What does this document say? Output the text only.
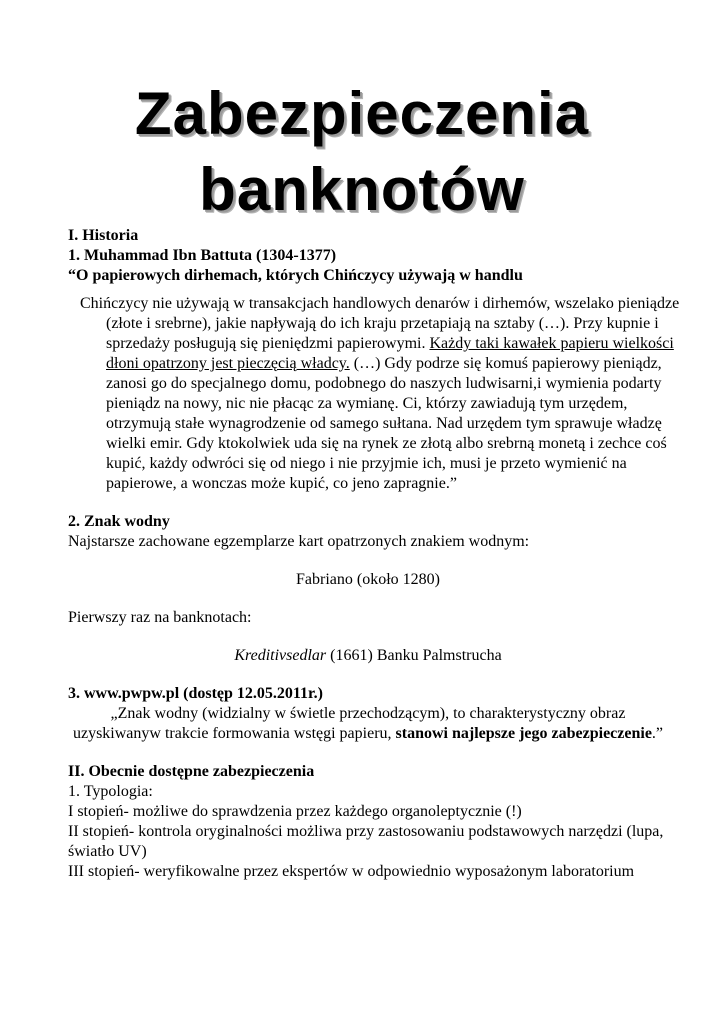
Zabezpieczenia
banknotów

I. Historia

1. Muhammad Ibn Battuta (1304-1377)

“O papierowych dirhemach, których Chińczycy używają w handlu

Chińczycy nie używają w transakcjach handlowych denarów i dirhemów, wszelako pieniądze (złote i srebrne), jakie napływają do ich kraju przetapiają na sztaby (…). Przy kupnie i sprzedaży posługują się pieniędzmi papierowymi. Każdy taki kawałek papieru wielkości dłoni opatrzony jest pieczęcią władcy. (…) Gdy podrze się komuś papierowy pieniądz, zanosi go do specjalnego domu, podobnego do naszych ludwisarni,i wymienia podarty pieniądz na nowy, nic nie płacąc za wymianę. Ci, którzy zawiadują tym urzędem, otrzymują stałe wynagrodzenie od samego sułtana. Nad urzędem tym sprawuje władzę wielki emir. Gdy ktokolwiek uda się na rynek ze złotą albo srebrną monetą i zechce coś kupić, każdy odwróci się od niego i nie przyjmie ich, musi je przeto wymienić na papierowe, a wonczas może kupić, co jeno zapragnie.”

2. Znak wodny

Najstarsze zachowane egzemplarze kart opatrzonych znakiem wodnym:

Fabriano (około 1280)

Pierwszy raz na banknotach:

Kreditivsedlar (1661) Banku Palmstrucha

3. www.pwpw.pl (dostęp 12.05.2011r.)

„Znak wodny (widzialny w świetle przechodzącym), to charakterystyczny obraz uzyskiwanyw trakcie formowania wstęgi papieru, stanowi najlepsze jego zabezpieczenie.”

II. Obecnie dostępne zabezpieczenia

1. Typologia:

I stopień- możliwe do sprawdzenia przez każdego organoleptycznie (!)

II stopień- kontrola oryginalności możliwa przy zastosowaniu podstawowych narzędzi (lupa, światło UV)

III stopień- weryfikowalne przez ekspertów w odpowiednio wyposażonym laboratorium
